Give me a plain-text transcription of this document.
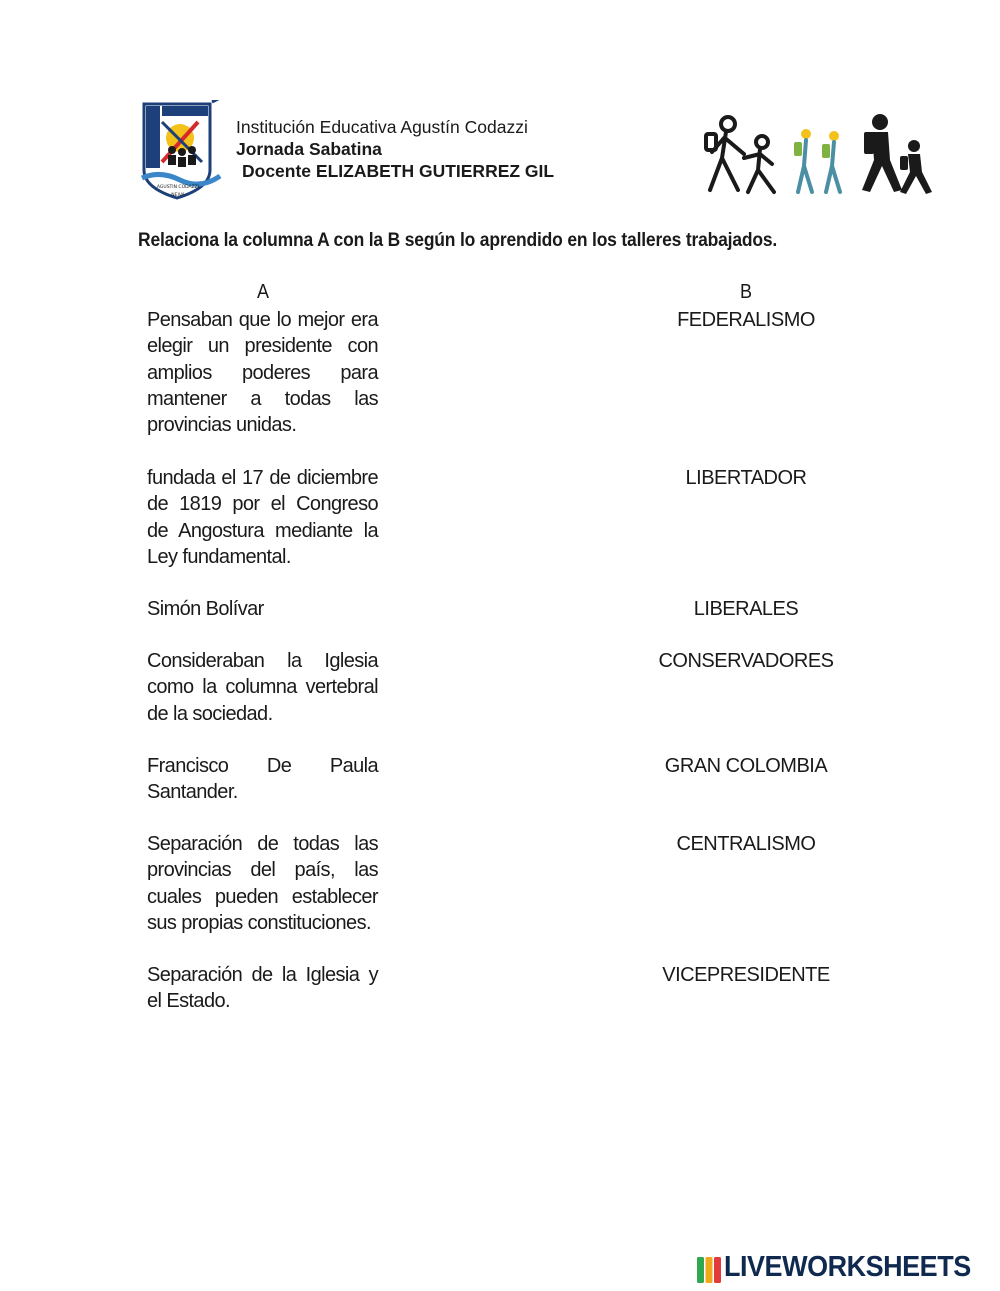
AGUSTIN CODAZZI
NEIVA
Institución Educativa Agustín Codazzi
Jornada Sabatina
Docente ELIZABETH GUTIERREZ GIL
Relaciona la columna A con la B según lo aprendido en los talleres trabajados.
A	B
Pensaban que lo mejor era elegir un presidente con amplios poderes para mantener a todas las provincias unidas.
fundada el 17 de diciembre de 1819 por el Congreso de Angostura mediante la Ley fundamental.
Simón Bolívar
Consideraban la Iglesia como la columna vertebral de la sociedad.
Francisco De Paula Santander.
Separación de todas las provincias del país, las cuales pueden establecer sus propias constituciones.
Separación de la Iglesia y el Estado.
FEDERALISMO
LIBERTADOR
LIBERALES
CONSERVADORES
GRAN COLOMBIA
CENTRALISMO
VICEPRESIDENTE
LIVEWORKSHEETS
